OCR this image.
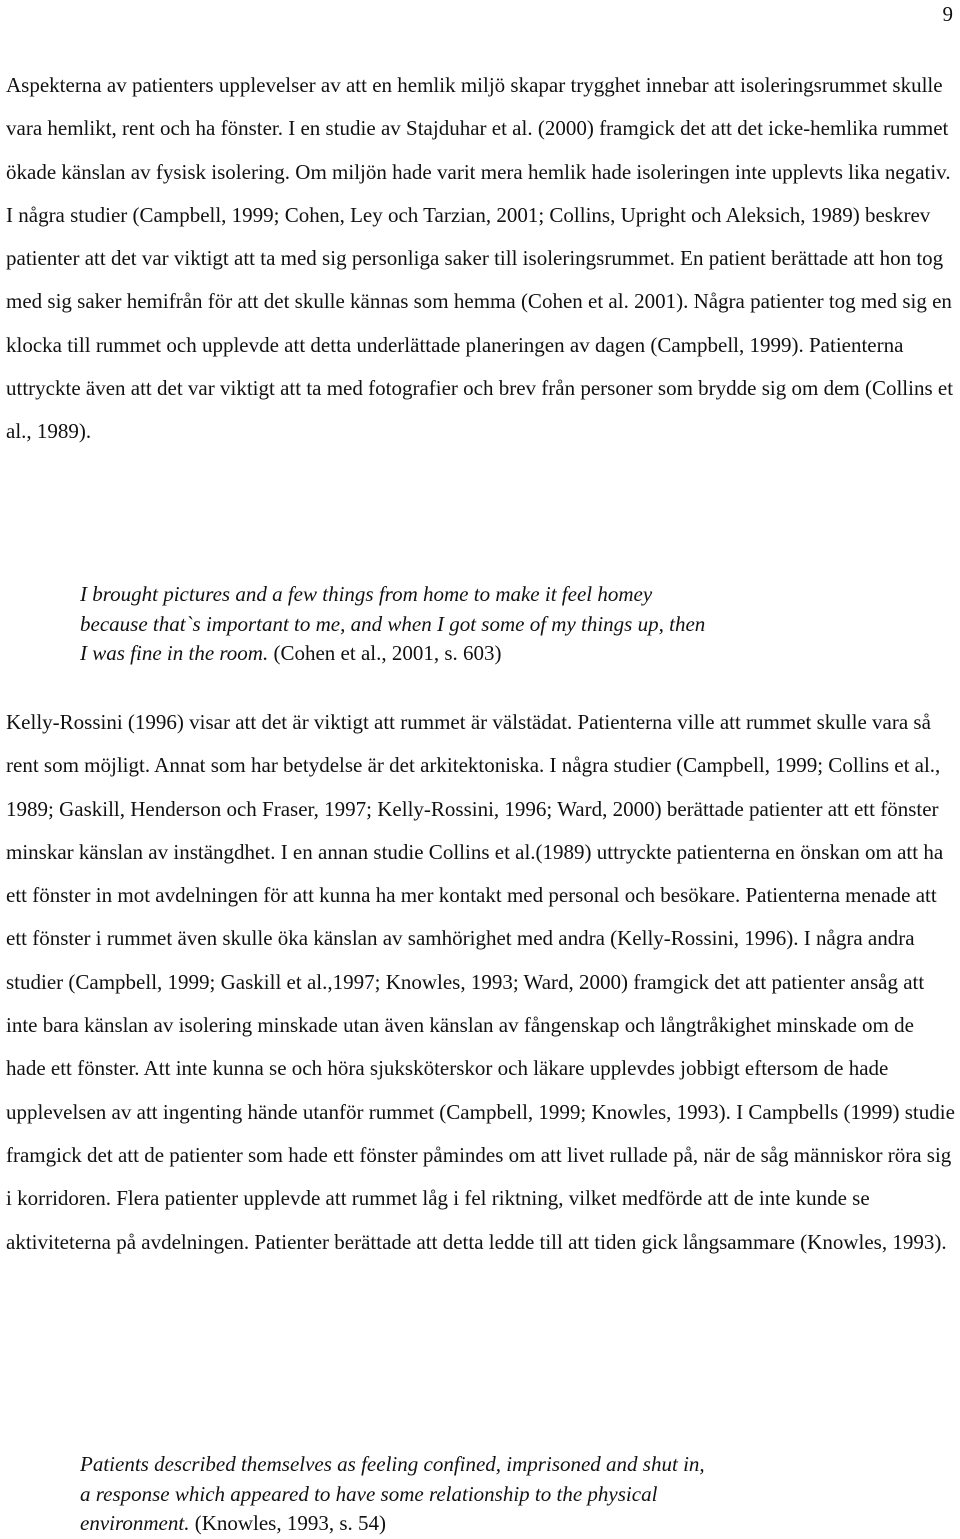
9

Aspekterna av patienters upplevelser av att en hemlik miljö skapar trygghet innebar att isoleringsrummet skulle vara hemlikt, rent och ha fönster. I en studie av Stajduhar et al. (2000) framgick det att det icke-hemlika rummet ökade känslan av fysisk isolering. Om miljön hade varit mera hemlik hade isoleringen inte upplevts lika negativ. I några studier (Campbell, 1999; Cohen, Ley och Tarzian, 2001; Collins, Upright och Aleksich, 1989) beskrev patienter att det var viktigt att ta med sig personliga saker till isoleringsrummet. En patient berättade att hon tog med sig saker hemifrån för att det skulle kännas som hemma (Cohen et al. 2001). Några patienter tog med sig en klocka till rummet och upplevde att detta underlättade planeringen av dagen (Campbell, 1999). Patienterna uttryckte även att det var viktigt att ta med fotografier och brev från personer som brydde sig om dem (Collins et al., 1989).

I brought pictures and a few things from home to make it feel homey
because that`s important to me, and when I got some of my things up, then
I was fine in the room. (Cohen et al., 2001, s. 603)

Kelly-Rossini (1996) visar att det är viktigt att rummet är välstädat. Patienterna ville att rummet skulle vara så rent som möjligt. Annat som har betydelse är det arkitektoniska. I några studier (Campbell, 1999; Collins et al., 1989; Gaskill, Henderson och Fraser, 1997; Kelly-Rossini, 1996; Ward, 2000) berättade patienter att ett fönster minskar känslan av instängdhet. I en annan studie Collins et al.(1989) uttryckte patienterna en önskan om att ha ett fönster in mot avdelningen för att kunna ha mer kontakt med personal och besökare. Patienterna menade att ett fönster i rummet även skulle öka känslan av samhörighet med andra (Kelly-Rossini, 1996). I några andra studier (Campbell, 1999; Gaskill et al.,1997; Knowles, 1993; Ward, 2000) framgick det att patienter ansåg att inte bara känslan av isolering minskade utan även känslan av fångenskap och långtråkighet minskade om de hade ett fönster. Att inte kunna se och höra sjuksköterskor och läkare upplevdes jobbigt eftersom de hade upplevelsen av att ingenting hände utanför rummet (Campbell, 1999; Knowles, 1993). I Campbells (1999) studie framgick det att de patienter som hade ett fönster påmindes om att livet rullade på, när de såg människor röra sig i korridoren. Flera patienter upplevde att rummet låg i fel riktning, vilket medförde att de inte kunde se aktiviteterna på avdelningen. Patienter berättade att detta ledde till att tiden gick långsammare (Knowles, 1993).

Patients described themselves as feeling confined, imprisoned and shut in,
a response which appeared to have some relationship to the physical
environment. (Knowles, 1993, s. 54)
